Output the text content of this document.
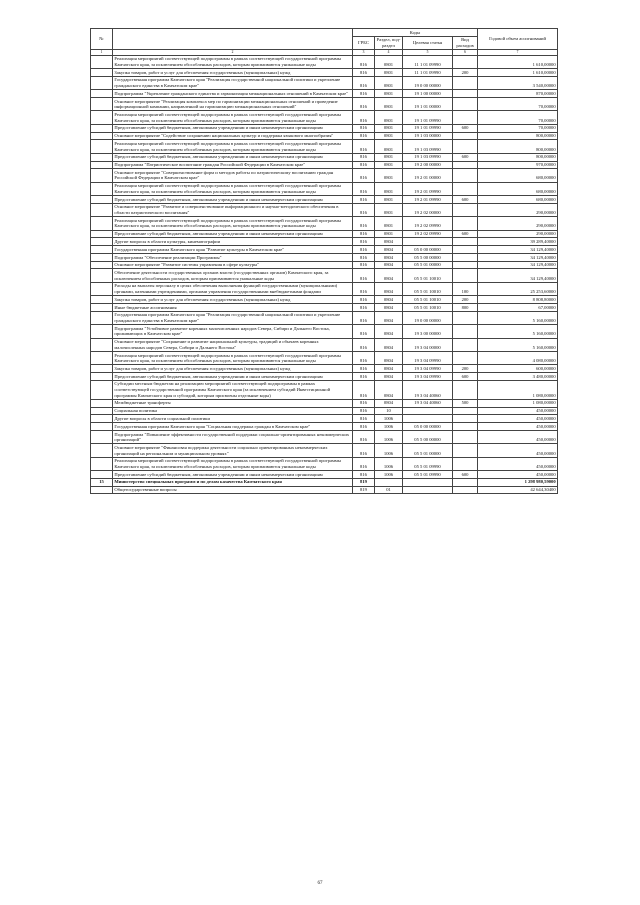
№		Коды				Годовой объем ассигнований
		ГРБС	Раздел, под-раздел	Целевая статья	Вид расходов	
1	2	3	4	5	6	7
	Реализация мероприятий соответствующей подпрограммы в рамках соответствующей государственной программы Камчатского края, за исключением обособленных расходов, которым присваиваются уникальные коды	816	0801	11 1 01 09990		1 610,00000
	Закупка товаров, работ и услуг для обеспечения государственных (муниципальных) нужд	816	0801	11 1 01 09990	200	1 610,00000
	Государственная программа Камчатского края "Реализация государственной национальной политики и укрепление гражданского единства в Камчатском крае"	816	0801	19 0 00 00000		3 540,00000
	Подпрограмма "Укрепление гражданского единства и гармонизация межнациональных отношений в Камчатском крае"	816	0801	19 1 00 00000		870,00000
	Основное мероприятие "Реализация комплекса мер по гармонизации межнациональных отношений и проведение информационной кампании, направленной на гармонизацию межнациональных отношений"	816	0801	19 1 01 00000		70,00000
	Реализация мероприятий соответствующей подпрограммы в рамках соответствующей государственной программы Камчатского края, за исключением обособленных расходов, которым присваиваются уникальные коды	816	0801	19 1 01 09990		70,00000
	Предоставление субсидий бюджетным, автономным учреждениям и иным некоммерческим организациям	816	0801	19 1 01 09990	600	70,00000
	Основное мероприятие "Содействие сохранению национальных культур и поддержка языкового многообразия"	816	0801	19 1 03 00000		800,00000
	Реализация мероприятий соответствующей подпрограммы в рамках соответствующей государственной программы Камчатского края, за исключением обособленных расходов, которым присваиваются уникальные коды	816	0801	19 1 03 09990		800,00000
	Предоставление субсидий бюджетным, автономным учреждениям и иным некоммерческим организациям	816	0801	19 1 03 09990	600	800,00000
	Подпрограмма "Патриотическое воспитание граждан Российской Федерации в Камчатском крае"	816	0801	19 2 00 00000		970,00000
	Основное мероприятие "Совершенствование форм и методов работы по патриотическому воспитанию граждан Российской Федерации в Камчатском крае"	816	0801	19 2 01 00000		680,00000
	Реализация мероприятий соответствующей подпрограммы в рамках соответствующей государственной программы Камчатского края, за исключением обособленных расходов, которым присваиваются уникальные коды	816	0801	19 2 01 09990		680,00000
	Предоставление субсидий бюджетным, автономным учреждениям и иным некоммерческим организациям	816	0801	19 2 01 09990	600	680,00000
	Основное мероприятие "Развитие и совершенствование информационного и научно-методического обеспечения в области патриотического воспитания"	816	0801	19 2 02 00000		290,00000
	Реализация мероприятий соответствующей подпрограммы в рамках соответствующей государственной программы Камчатского края, за исключением обособленных расходов, которым присваиваются уникальные коды	816	0801	19 2 02 09990		290,00000
	Предоставление субсидий бюджетным, автономным учреждениям и иным некоммерческим организациям	816	0801	19 2 02 09990	600	290,00000
	Другие вопросы в области культуры, кинематографии	816	0804			39 289,40000
	Государственная программа Камчатского края "Развитие культуры в Камчатском крае"	816	0804	05 0 00 00000		34 129,40000
	Подпрограмма "Обеспечение реализации Программы"	816	0804	05 5 00 00000		34 129,40000
	Основное мероприятие "Развитие системы управления в сфере культуры"	816	0804	05 5 01 00000		34 129,40000
	Обеспечение деятельности государственных органов власти (государственных органов) Камчатского края, за исключением обособленных расходов, которым присваиваются уникальные коды	816	0804	05 5 01 10010		34 129,40000
	Расходы на выплаты персоналу в целях обеспечения выполнения функций государственными (муниципальными) органами, казенными учреждениями, органами управления государственными внебюджетными фондами	816	0804	05 5 01 10010	100	25 253,60000
	Закупка товаров, работ и услуг для обеспечения государственных (муниципальных) нужд	816	0804	05 5 01 10010	200	8 808,80000
	Иные бюджетные ассигнования	816	0804	05 5 01 10010	800	67,00000
	Государственная программа Камчатского края "Реализация государственной национальной политики и укрепление гражданского единства в Камчатском крае"	816	0804	19 0 00 00000		5 160,00000
	Подпрограмма "Устойчивое развитие коренных малочисленных народов Севера, Сибири и Дальнего Востока, проживающих в Камчатском крае"	816	0804	19 3 00 00000		5 160,00000
	Основное мероприятие "Сохранение и развитие национальной культуры, традиций и обычаев коренных малочисленных народов Севера, Сибири и Дальнего Востока"	816	0804	19 3 04 00000		5 160,00000
	Реализация мероприятий соответствующей подпрограммы в рамках соответствующей государственной программы Камчатского края, за исключением обособленных расходов, которым присваиваются уникальные коды	816	0804	19 3 04 09990		4 080,00000
	Закупка товаров, работ и услуг для обеспечения государственных (муниципальных) нужд	816	0804	19 3 04 09990	200	600,00000
	Предоставление субсидий бюджетным, автономным учреждениям и иным некоммерческим организациям	816	0804	19 3 04 09990	600	3 480,00000
	Субсидии местным бюджетам на реализацию мероприятий соответствующей подпрограммы в рамках соответствующей государственной программы Камчатского края (за исключением субсидий Инвестиционной программы Камчатского края и субсидий, которым присвоены отдельные коды)	816	0804	19 3 04 40060		1 080,00000
	Межбюджетные трансферты	816	0804	19 3 04 40060	500	1 080,00000
	Социальная политика	816	10			450,00000
	Другие вопросы в области социальной политики	816	1006			450,00000
	Государственная программа Камчатского края "Социальная поддержка граждан в Камчатском крае"	816	1006	05 0 00 00000		450,00000
	Подпрограмма "Повышение эффективности государственной поддержки социально-ориентированных некоммерческих организаций"	816	1006	05 5 00 00000		450,00000
	Основное мероприятие "Финансовая поддержка деятельности социально ориентированных некоммерческих организаций на региональном и муниципальном уровнях"	816	1006	05 5 01 00000		450,00000
	Реализация мероприятий соответствующей подпрограммы в рамках соответствующей государственной программы Камчатского края, за исключением обособленных расходов, которым присваиваются уникальные коды	816	1006	05 5 01 09990		450,00000
	Предоставление субсидий бюджетным, автономным учреждениям и иным некоммерческим организациям	816	1006	05 5 01 09990	600	450,00000
15	Министерство специальных программ и по делам казачества Камчатского края	819				1 298 980,59000
	Общегосударственные вопросы	819	01			42 644,30400
67
